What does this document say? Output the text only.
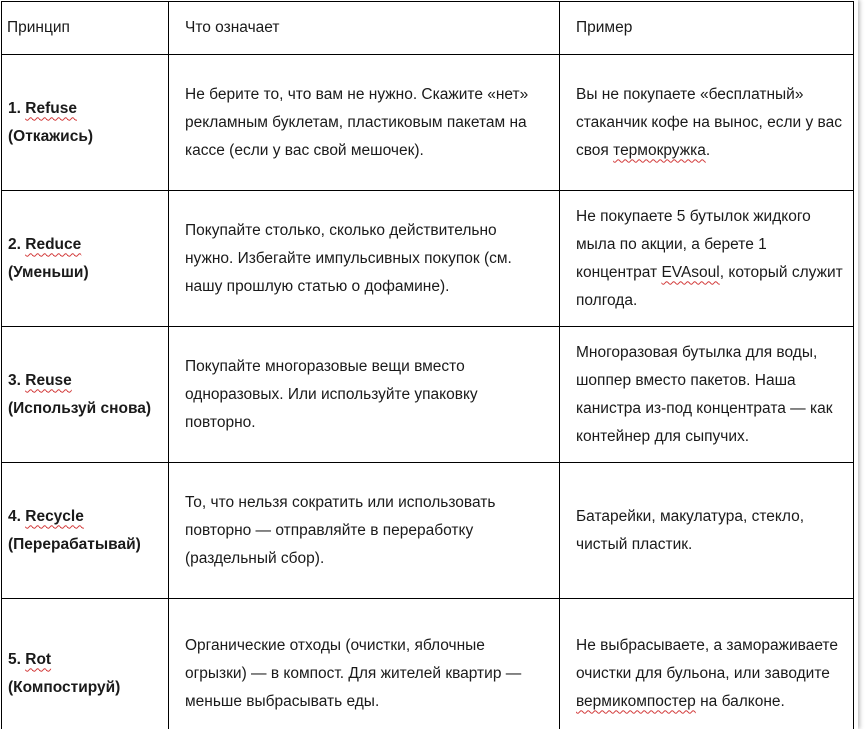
Принцип	Что означает	Пример

1. Refuse
(Откажись)	Не берите то, что вам не нужно. Скажите «нет» рекламным буклетам, пластиковым пакетам на кассе (если у вас свой мешочек).	Вы не покупаете «бесплатный» стаканчик кофе на вынос, если у вас своя термокружка.

2. Reduce
(Уменьши)	Покупайте столько, сколько действительно нужно. Избегайте импульсивных покупок (см. нашу прошлую статью о дофамине).	Не покупаете 5 бутылок жидкого мыла по акции, а берете 1 концентрат EVAsoul, который служит полгода.

3. Reuse
(Используй снова)	Покупайте многоразовые вещи вместо одноразовых. Или используйте упаковку повторно.	Многоразовая бутылка для воды, шоппер вместо пакетов. Наша канистра из-под концентрата — как контейнер для сыпучих.

4. Recycle
(Перерабатывай)	То, что нельзя сократить или использовать повторно — отправляйте в переработку (раздельный сбор).	Батарейки, макулатура, стекло, чистый пластик.

5. Rot
(Компостируй)	Органические отходы (очистки, яблочные огрызки) — в компост. Для жителей квартир — меньше выбрасывать еды.	Не выбрасываете, а замораживаете очистки для бульона, или заводите вермикомпостер на балконе.
